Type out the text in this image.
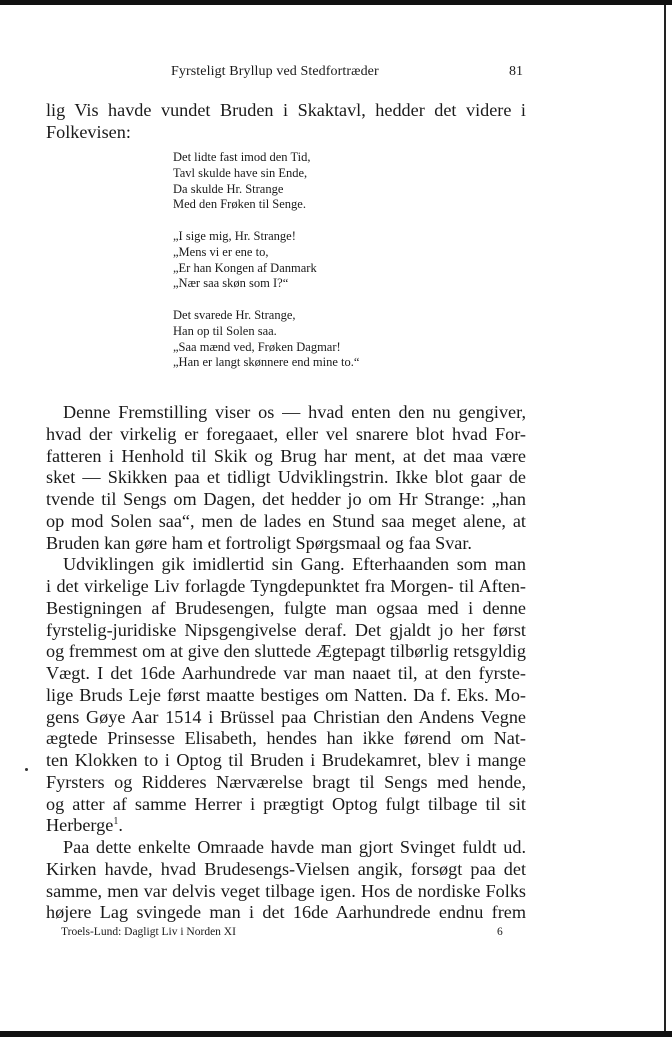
Fyrsteligt Bryllup ved Stedfortræder	81
lig Vis havde vundet Bruden i Skaktavl, hedder det videre i
Folkevisen:
Det lidte fast imod den Tid,
Tavl skulde have sin Ende,
Da skulde Hr. Strange
Med den Frøken til Senge.
„I sige mig, Hr. Strange!
„Mens vi er ene to,
„Er han Kongen af Danmark
„Nær saa skøn som I?“
Det svarede Hr. Strange,
Han op til Solen saa.
„Saa mænd ved, Frøken Dagmar!
„Han er langt skønnere end mine to.“
Denne Fremstilling viser os — hvad enten den nu gengiver,
hvad der virkelig er foregaaet, eller vel snarere blot hvad For-
fatteren i Henhold til Skik og Brug har ment, at det maa være
sket — Skikken paa et tidligt Udviklingstrin. Ikke blot gaar de
tvende til Sengs om Dagen, det hedder jo om Hr Strange: „han
op mod Solen saa“, men de lades en Stund saa meget alene, at
Bruden kan gøre ham et fortroligt Spørgsmaal og faa Svar.
Udviklingen gik imidlertid sin Gang. Efterhaanden som man
i det virkelige Liv forlagde Tyngdepunktet fra Morgen- til Aften-
Bestigningen af Brudesengen, fulgte man ogsaa med i denne
fyrstelig-juridiske Nipsgengivelse deraf. Det gjaldt jo her først
og fremmest om at give den sluttede Ægtepagt tilbørlig retsgyldig
Vægt. I det 16de Aarhundrede var man naaet til, at den fyrste-
lige Bruds Leje først maatte bestiges om Natten. Da f. Eks. Mo-
gens Gøye Aar 1514 i Brüssel paa Christian den Andens Vegne
ægtede Prinsesse Elisabeth, hendes han ikke førend om Nat-
ten Klokken to i Optog til Bruden i Brudekamret, blev i mange
Fyrsters og Ridderes Nærværelse bragt til Sengs med hende,
og atter af samme Herrer i prægtigt Optog fulgt tilbage til sit
Herberge$^1$.
Paa dette enkelte Omraade havde man gjort Svinget fuldt ud.
Kirken havde, hvad Brudesengs-Vielsen angik, forsøgt paa det
samme, men var delvis veget tilbage igen. Hos de nordiske Folks
højere Lag svingede man i det 16de Aarhundrede endnu frem
Troels-Lund: Dagligt Liv i Norden XI	6
